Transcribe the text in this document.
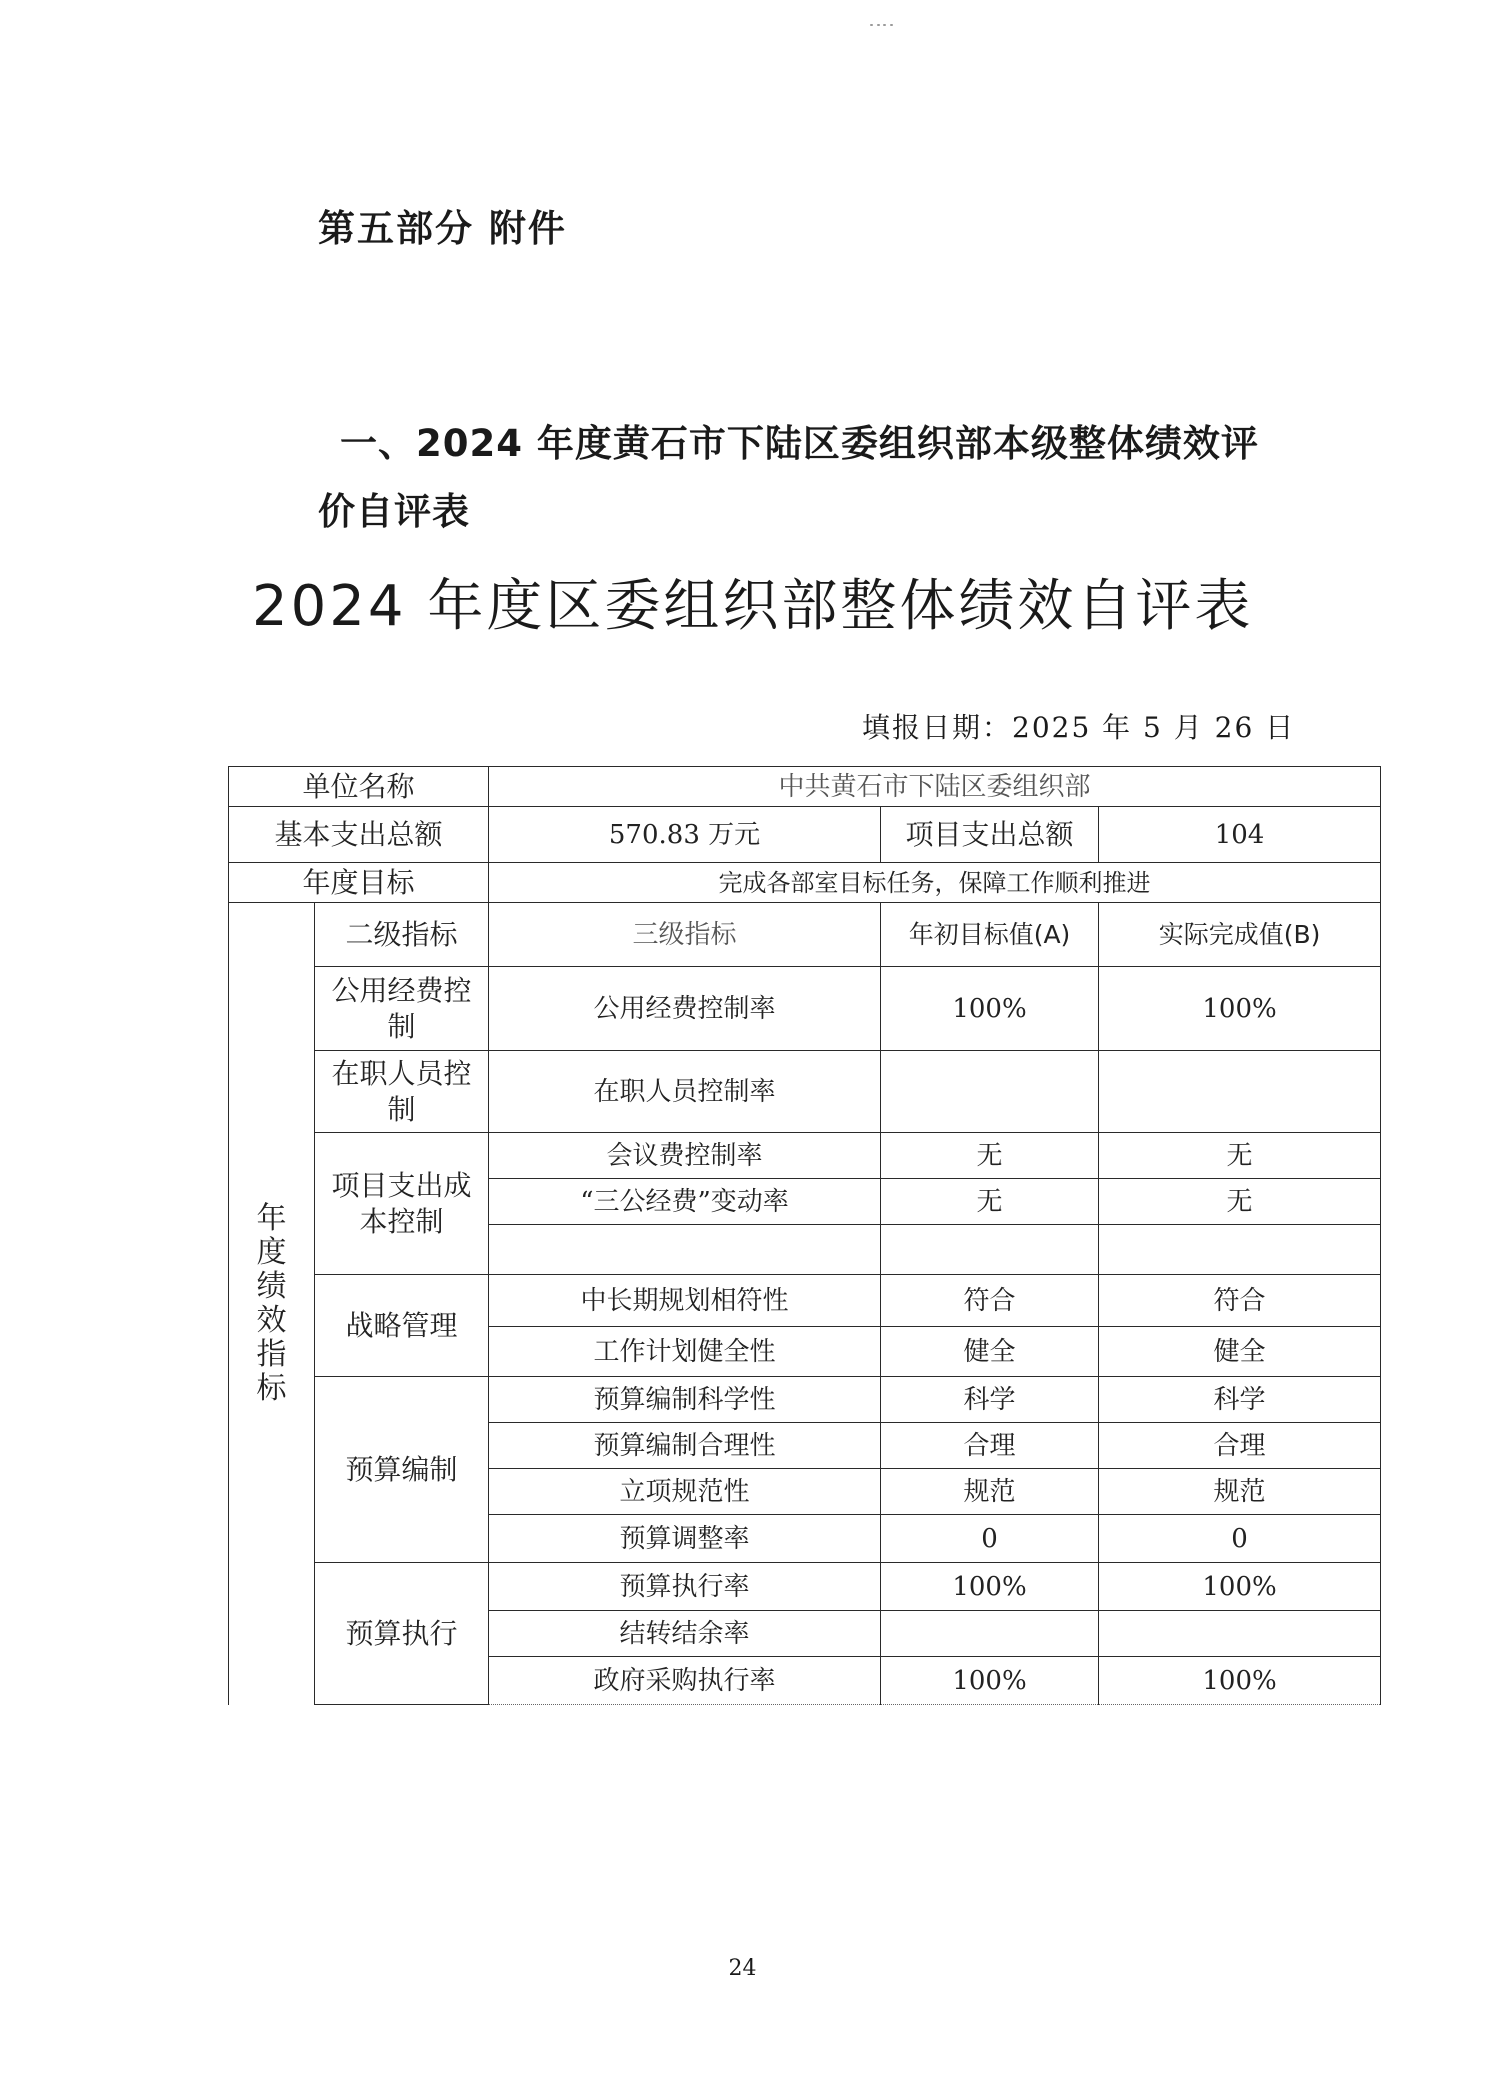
第五部分 附件
一、2024 年度黄石市下陆区委组织部本级整体绩效评
价自评表
2024 年度区委组织部整体绩效自评表
填报日期：2025 年 5 月 26 日
单位名称		中共黄石市下陆区委组织部		
基本支出总额		570.83 万元	项目支出总额	104
年度目标		完成各部室目标任务，保障工作顺利推进		
年度绩效指标	二级指标	三级指标	年初目标值(A)	实际完成值(B)
	公用经费控制	公用经费控制率	100%	100%
	在职人员控制	在职人员控制率		
	项目支出成本控制	会议费控制率	无	无
		“三公经费”变动率	无	无

	战略管理	中长期规划相符性	符合	符合
		工作计划健全性	健全	健全
	预算编制	预算编制科学性	科学	科学
		预算编制合理性	合理	合理
		立项规范性	规范	规范
		预算调整率	0	0
	预算执行	预算执行率	100%	100%
		结转结余率		
		政府采购执行率	100%	100%
24
